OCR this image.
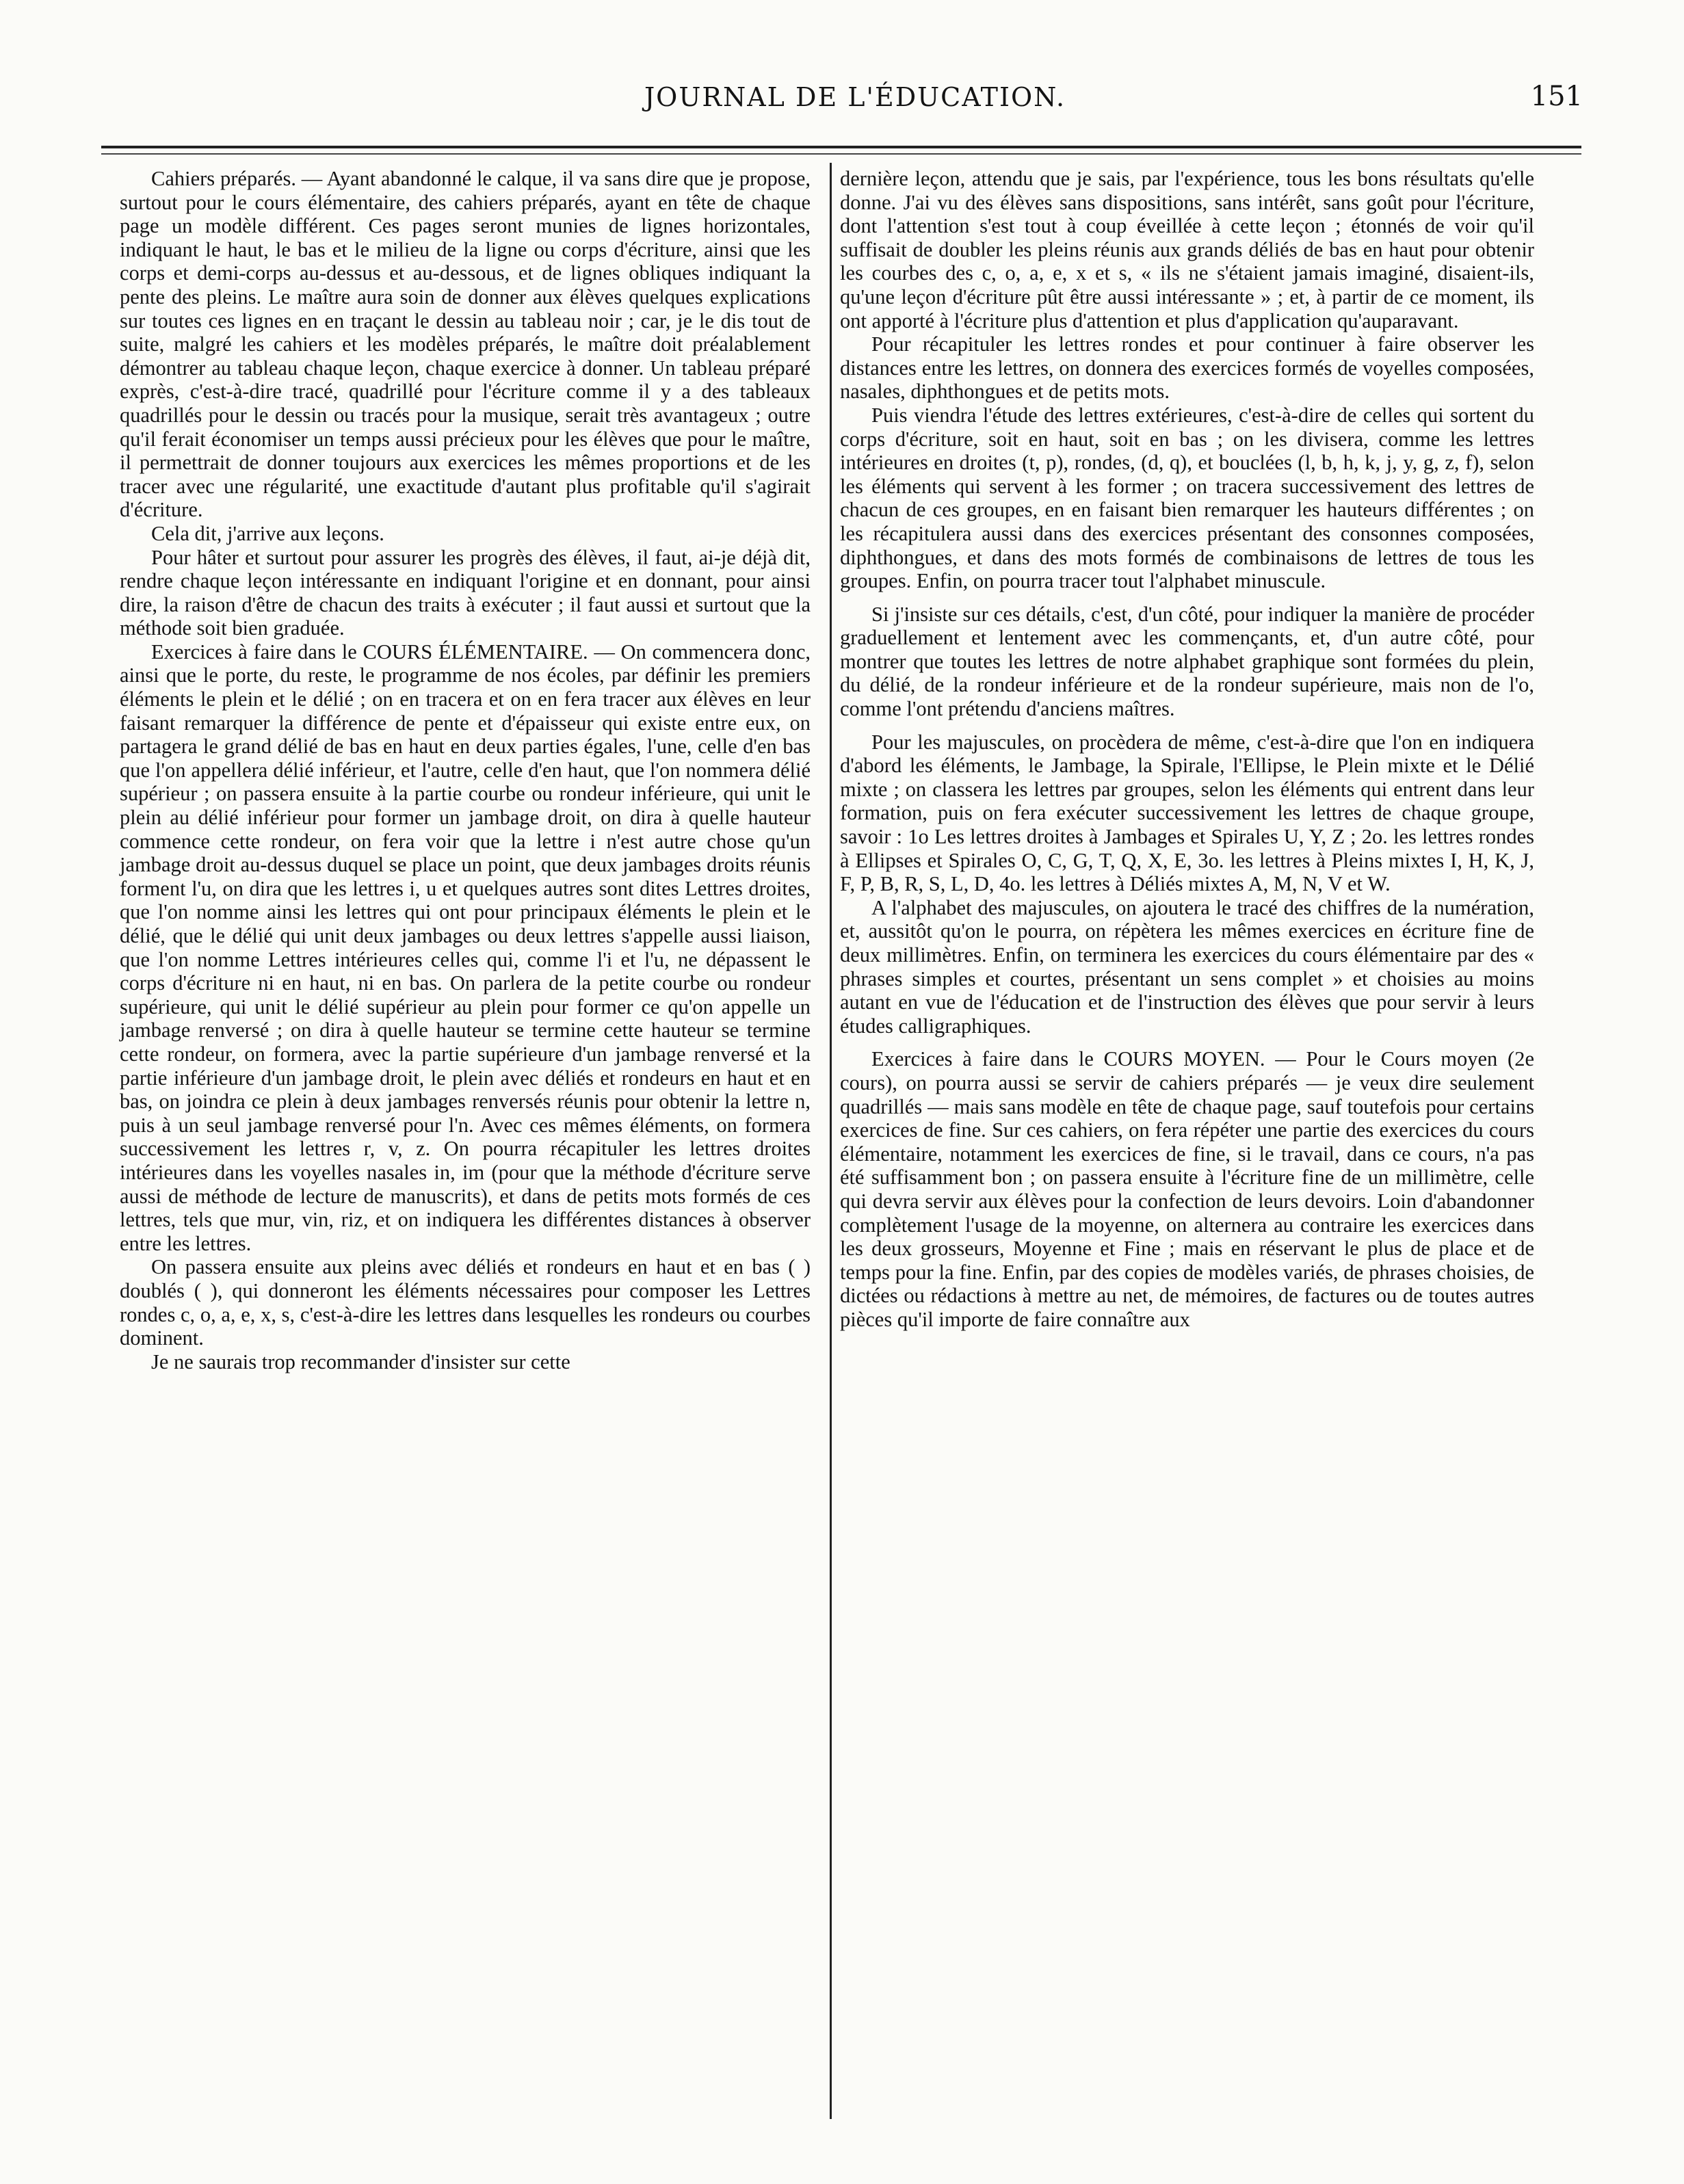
JOURNAL DE L'ÉDUCATION.	151

Cahiers préparés. — Ayant abandonné le calque, il va sans dire que je propose, surtout pour le cours élémentaire, des cahiers préparés, ayant en tête de chaque page un modèle différent. Ces pages seront munies de lignes horizontales, indiquant le haut, le bas et le milieu de la ligne ou corps d'écriture, ainsi que les corps et demi-corps au-dessus et au-dessous, et de lignes obliques indiquant la pente des pleins. Le maître aura soin de donner aux élèves quelques explications sur toutes ces lignes en en traçant le dessin au tableau noir ; car, je le dis tout de suite, malgré les cahiers et les modèles préparés, le maître doit préalablement démontrer au tableau chaque leçon, chaque exercice à donner. Un tableau préparé exprès, c'est-à-dire tracé, quadrillé pour l'écriture comme il y a des tableaux quadrillés pour le dessin ou tracés pour la musique, serait très avantageux ; outre qu'il ferait économiser un temps aussi précieux pour les élèves que pour le maître, il permettrait de donner toujours aux exercices les mêmes proportions et de les tracer avec une régularité, une exactitude d'autant plus profitable qu'il s'agirait d'écriture.

Cela dit, j'arrive aux leçons.

Pour hâter et surtout pour assurer les progrès des élèves, il faut, ai-je déjà dit, rendre chaque leçon intéressante en indiquant l'origine et en donnant, pour ainsi dire, la raison d'être de chacun des traits à exécuter ; il faut aussi et surtout que la méthode soit bien graduée.

Exercices à faire dans le COURS ÉLÉMENTAIRE. — On commencera donc, ainsi que le porte, du reste, le programme de nos écoles, par définir les premiers éléments le plein et le délié ; on en tracera et on en fera tracer aux élèves en leur faisant remarquer la différence de pente et d'épaisseur qui existe entre eux, on partagera le grand délié de bas en haut en deux parties égales, l'une, celle d'en bas que l'on appellera délié inférieur, et l'autre, celle d'en haut, que l'on nommera délié supérieur ; on passera ensuite à la partie courbe ou rondeur inférieure, qui unit le plein au délié inférieur pour former un jambage droit, on dira à quelle hauteur commence cette rondeur, on fera voir que la lettre i n'est autre chose qu'un jambage droit au-dessus duquel se place un point, que deux jambages droits réunis forment l'u, on dira que les lettres i, u et quelques autres sont dites Lettres droites, que l'on nomme ainsi les lettres qui ont pour principaux éléments le plein et le délié, que le délié qui unit deux jambages ou deux lettres s'appelle aussi liaison, que l'on nomme Lettres intérieures celles qui, comme l'i et l'u, ne dépassent le corps d'écriture ni en haut, ni en bas. On parlera de la petite courbe ou rondeur supérieure, qui unit le délié supérieur au plein pour former ce qu'on appelle un jambage renversé ; on dira à quelle hauteur se termine cette hauteur se termine cette rondeur, on formera, avec la partie supérieure d'un jambage renversé et la partie inférieure d'un jambage droit, le plein avec déliés et rondeurs en haut et en bas, on joindra ce plein à deux jambages renversés réunis pour obtenir la lettre n, puis à un seul jambage renversé pour l'n. Avec ces mêmes éléments, on formera successivement les lettres r, v, z. On pourra récapituler les lettres droites intérieures dans les voyelles nasales in, im (pour que la méthode d'écriture serve aussi de méthode de lecture de manuscrits), et dans de petits mots formés de ces lettres, tels que mur, vin, riz, et on indiquera les différentes distances à observer entre les lettres.

On passera ensuite aux pleins avec déliés et rondeurs en haut et en bas ( ) doublés ( ), qui donneront les éléments nécessaires pour composer les Lettres rondes c, o, a, e, x, s, c'est-à-dire les lettres dans lesquelles les rondeurs ou courbes dominent.

Je ne saurais trop recommander d'insister sur cette

dernière leçon, attendu que je sais, par l'expérience, tous les bons résultats qu'elle donne. J'ai vu des élèves sans dispositions, sans intérêt, sans goût pour l'écriture, dont l'attention s'est tout à coup éveillée à cette leçon ; étonnés de voir qu'il suffisait de doubler les pleins réunis aux grands déliés de bas en haut pour obtenir les courbes des c, o, a, e, x et s, « ils ne s'étaient jamais imaginé, disaient-ils, qu'une leçon d'écriture pût être aussi intéressante » ; et, à partir de ce moment, ils ont apporté à l'écriture plus d'attention et plus d'application qu'auparavant.

Pour récapituler les lettres rondes et pour continuer à faire observer les distances entre les lettres, on donnera des exercices formés de voyelles composées, nasales, diphthongues et de petits mots.

Puis viendra l'étude des lettres extérieures, c'est-à-dire de celles qui sortent du corps d'écriture, soit en haut, soit en bas ; on les divisera, comme les lettres intérieures en droites (t, p), rondes, (d, q), et bouclées (l, b, h, k, j, y, g, z, f), selon les éléments qui servent à les former ; on tracera successivement des lettres de chacun de ces groupes, en en faisant bien remarquer les hauteurs différentes ; on les récapitulera aussi dans des exercices présentant des consonnes composées, diphthongues, et dans des mots formés de combinaisons de lettres de tous les groupes. Enfin, on pourra tracer tout l'alphabet minuscule.

Si j'insiste sur ces détails, c'est, d'un côté, pour indiquer la manière de procéder graduellement et lentement avec les commençants, et, d'un autre côté, pour montrer que toutes les lettres de notre alphabet graphique sont formées du plein, du délié, de la rondeur inférieure et de la rondeur supérieure, mais non de l'o, comme l'ont prétendu d'anciens maîtres.

Pour les majuscules, on procèdera de même, c'est-à-dire que l'on en indiquera d'abord les éléments, le Jambage, la Spirale, l'Ellipse, le Plein mixte et le Délié mixte ; on classera les lettres par groupes, selon les éléments qui entrent dans leur formation, puis on fera exécuter successivement les lettres de chaque groupe, savoir : 1o Les lettres droites à Jambages et Spirales U, Y, Z ; 2o. les lettres rondes à Ellipses et Spirales O, C, G, T, Q, X, E, 3o. les lettres à Pleins mixtes I, H, K, J, F, P, B, R, S, L, D, 4o. les lettres à Déliés mixtes A, M, N, V et W.

A l'alphabet des majuscules, on ajoutera le tracé des chiffres de la numération, et, aussitôt qu'on le pourra, on répètera les mêmes exercices en écriture fine de deux millimètres. Enfin, on terminera les exercices du cours élémentaire par des « phrases simples et courtes, présentant un sens complet » et choisies au moins autant en vue de l'éducation et de l'instruction des élèves que pour servir à leurs études calligraphiques.

Exercices à faire dans le COURS MOYEN. — Pour le Cours moyen (2e cours), on pourra aussi se servir de cahiers préparés — je veux dire seulement quadrillés — mais sans modèle en tête de chaque page, sauf toutefois pour certains exercices de fine. Sur ces cahiers, on fera répéter une partie des exercices du cours élémentaire, notamment les exercices de fine, si le travail, dans ce cours, n'a pas été suffisamment bon ; on passera ensuite à l'écriture fine de un millimètre, celle qui devra servir aux élèves pour la confection de leurs devoirs. Loin d'abandonner complètement l'usage de la moyenne, on alternera au contraire les exercices dans les deux grosseurs, Moyenne et Fine ; mais en réservant le plus de place et de temps pour la fine. Enfin, par des copies de modèles variés, de phrases choisies, de dictées ou rédactions à mettre au net, de mémoires, de factures ou de toutes autres pièces qu'il importe de faire connaître aux
